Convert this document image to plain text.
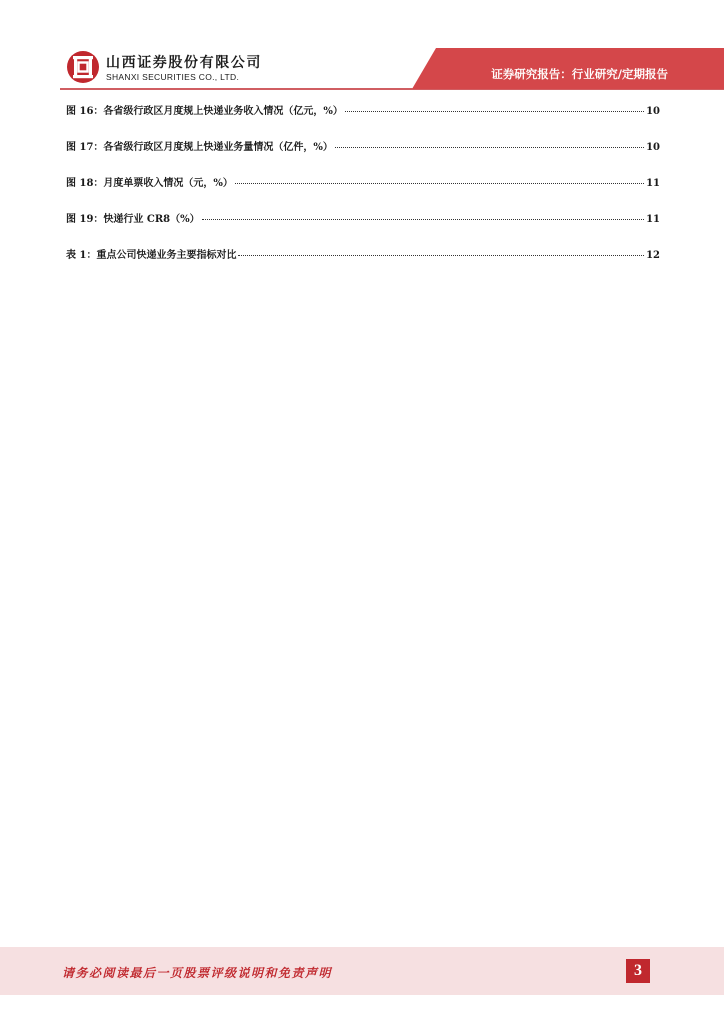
山西证券股份有限公司
SHANXI SECURITIES CO., LTD.	证券研究报告：行业研究/定期报告
图 16：各省级行政区月度规上快递业务收入情况（亿元，%）	10
图 17：各省级行政区月度规上快递业务量情况（亿件，%）	10
图 18：月度单票收入情况（元，%）	11
图 19：快递行业 CR8（%）	11
表 1：重点公司快递业务主要指标对比	12
请务必阅读最后一页股票评级说明和免责声明	3
